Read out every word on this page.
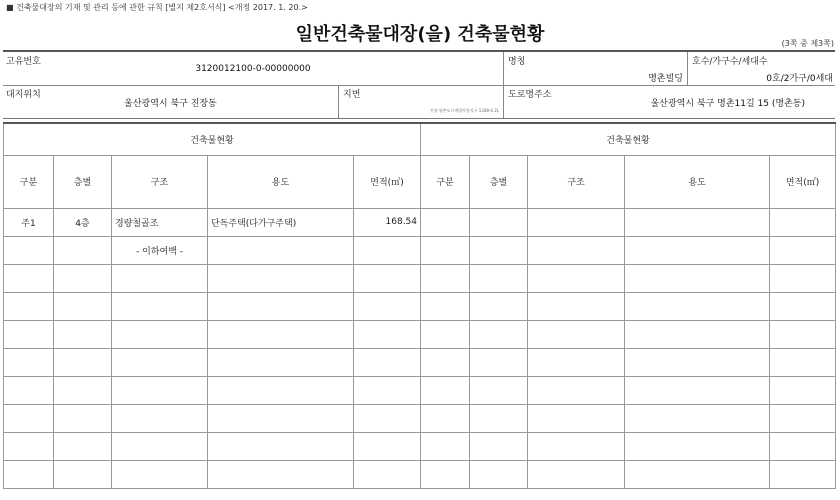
■ 건축물대장의 기재 및 관리 등에 관한 규칙 [별지 제2호서식] <개정 2017. 1. 20.>
일반건축물대장(을) 건축물현황	(3쪽 중 제3쪽)
고유번호
3120012100-0-00000000
명칭
명촌빌딩
호수/가구수/세대수
0호/2가구/0세대
대지위치
울산광역시 북구 진장동
지번
진장.명촌도시개발사업지구 1348-4 2L
도로명주소
울산광역시 북구 명촌11길 15 (명촌동)
건축물현황					건축물현황				
구분	층별	구조	용도	면적(㎡)	구분	층별	구조	용도	면적(㎡)
주1	4층	경량철골조	단독주택(다가구주택)	168.54					
		- 이하여백 -							
